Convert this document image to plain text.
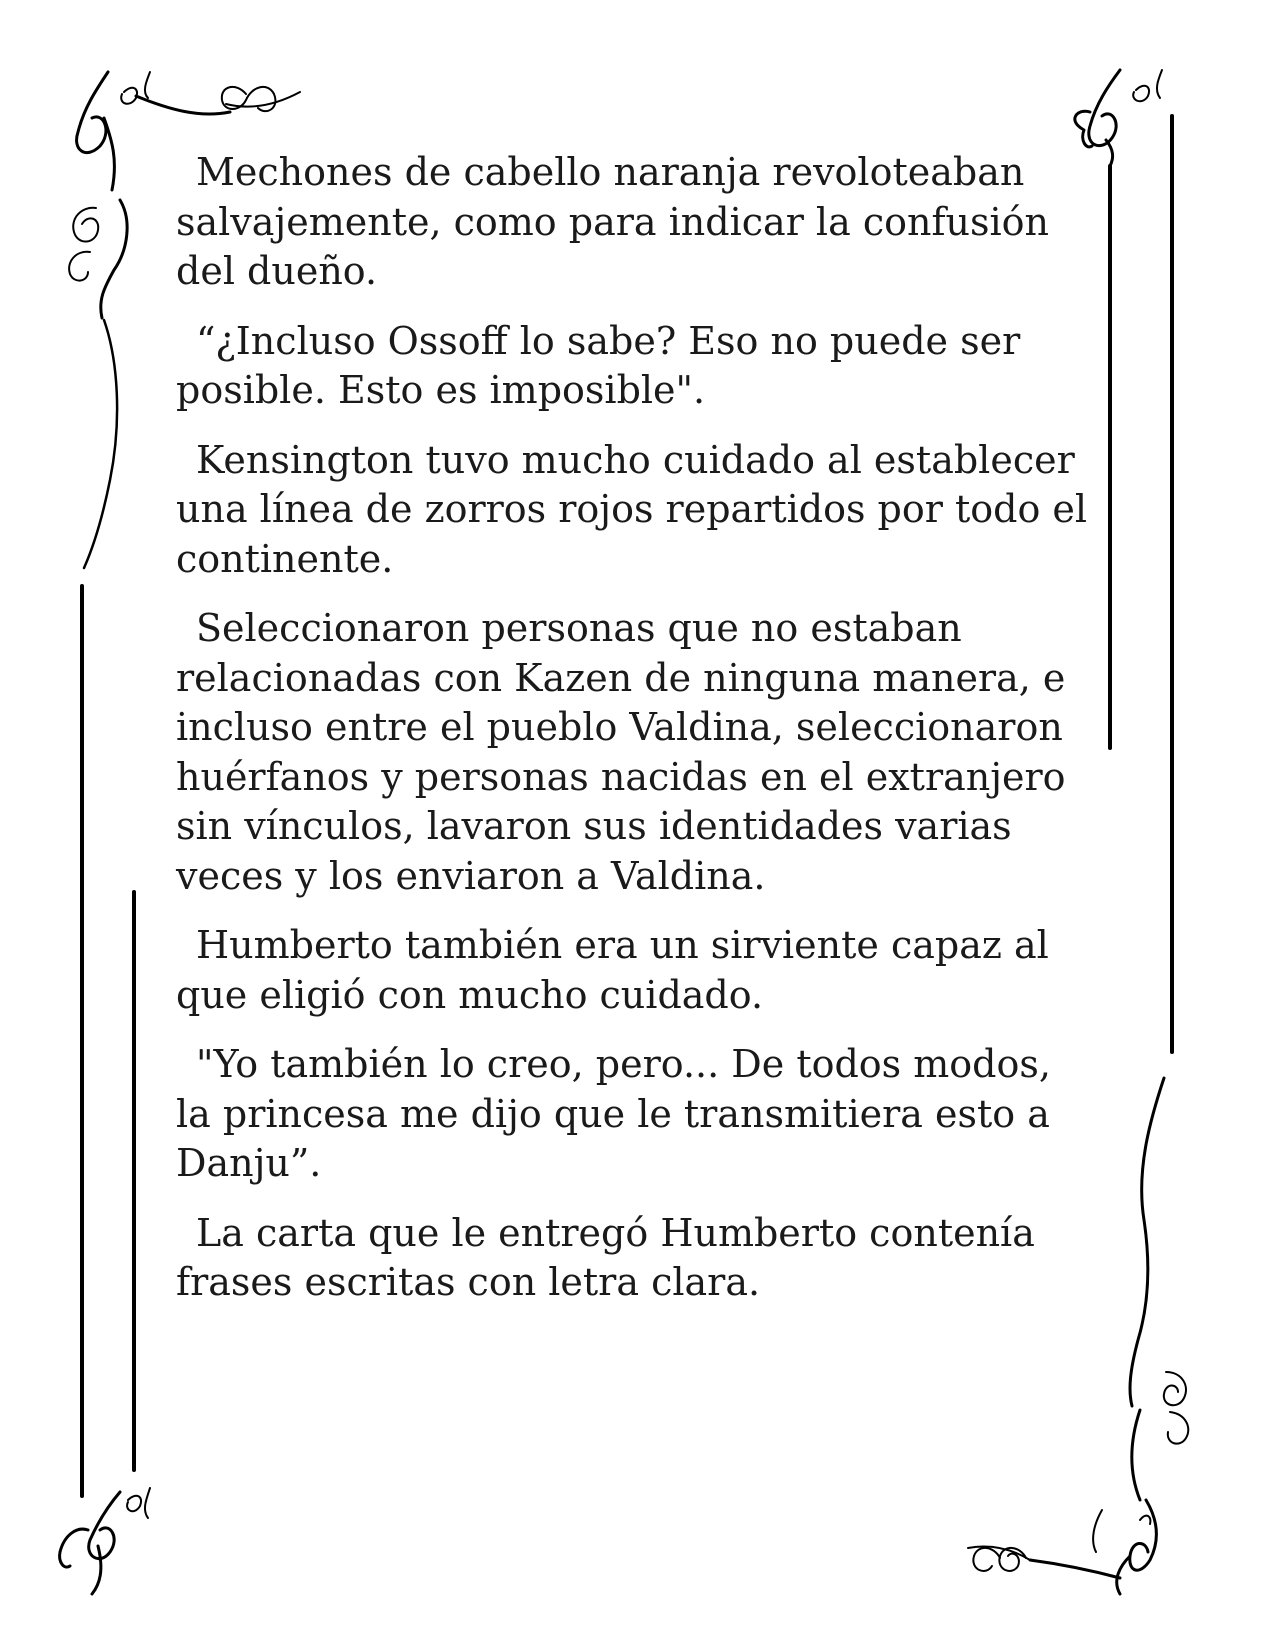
Mechones de cabello naranja revoloteaban salvajemente, como para indicar la confusión del dueño.

“¿Incluso Ossoff lo sabe? Eso no puede ser posible. Esto es imposible".

Kensington tuvo mucho cuidado al establecer una línea de zorros rojos repartidos por todo el continente.

Seleccionaron personas que no estaban relacionadas con Kazen de ninguna manera, e incluso entre el pueblo Valdina, seleccionaron huérfanos y personas nacidas en el extranjero sin vínculos, lavaron sus identidades varias veces y los enviaron a Valdina.

Humberto también era un sirviente capaz al que eligió con mucho cuidado.

"Yo también lo creo, pero... De todos modos, la princesa me dijo que le transmitiera esto a Danju”.

La carta que le entregó Humberto contenía frases escritas con letra clara.
